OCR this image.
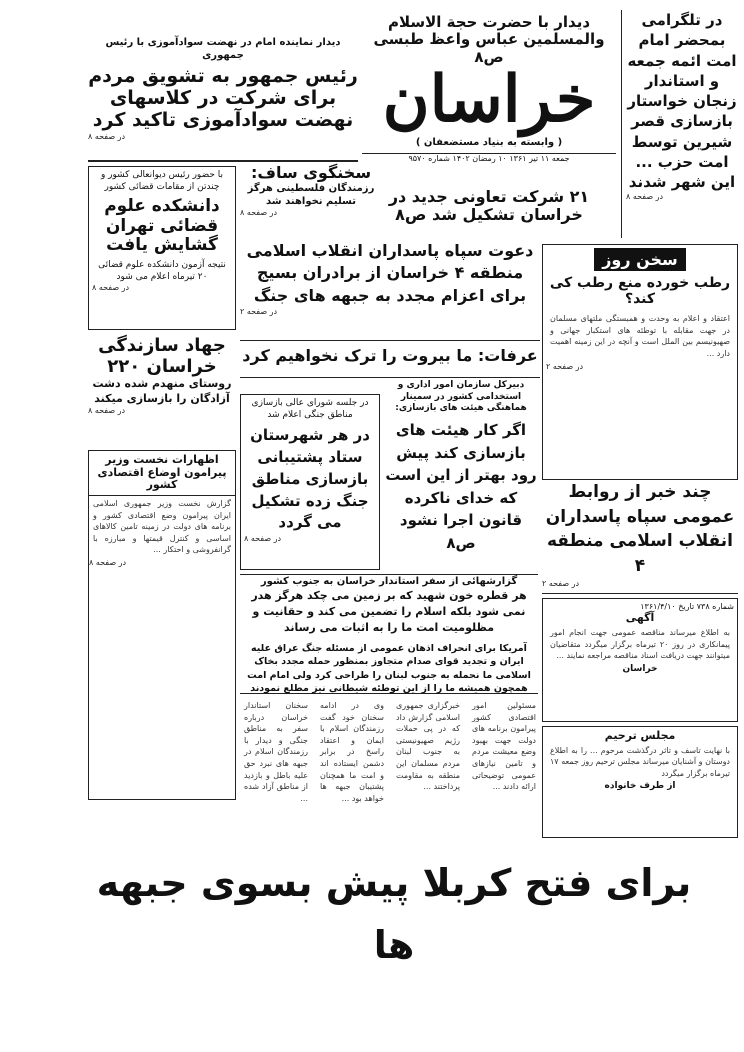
در تلگرامی بمحضر امام امت ائمه جمعه و استاندار زنجان خواستار بازسازی قصر شیرین توسط امت حزب ... این شهر شدند
در صفحه ۸
دیدار با حضرت حجة الاسلام والمسلمین عباس واعظ طبسی ص۸
خراسان
( وابسته به بنیاد مستضعفان )
جمعه ۱۱ تیر ۱۳۶۱ ۱۰ رمضان ۱۴۰۲ شماره ۹۵۷۰
۲۱ شرکت تعاونی جدید در خراسان تشکیل شد ص۸
دیدار نماینده امام در نهضت سوادآموزی با رئیس جمهوری
رئیس جمهور به تشویق مردم برای شرکت در کلاسهای نهضت سوادآموزی تاکید کرد
در صفحه ۸
سخنگوی ساف:
رزمندگان فلسطینی هرگز تسلیم نخواهند شد
در صفحه ۸
با حضور رئیس دیوانعالی کشور و چندتن از مقامات قضائی کشور
دانشکده علوم قضائی تهران گشایش یافت
نتیجه آزمون دانشکده علوم قضائی ۲۰ تیرماه اعلام می شود
در صفحه ۸
دعوت سپاه پاسداران انقلاب اسلامی منطقه ۴ خراسان از برادران بسیج برای اعزام مجدد به جبهه های جنگ
در صفحه ۲
سخن روز
رطب خورده منع رطب کی کند؟
اعتقاد و اعلام به وحدت و همبستگی ملتهای مسلمان در جهت مقابله با توطئه های استکبار جهانی و صهیونیسم بین الملل است و آنچه در این زمینه اهمیت دارد ...
در صفحه ۲
جهاد سازندگی
خراسان ۲۲۰
روستای منهدم شده دشت آزادگان را بازسازی میکند
در صفحه ۸
عرفات: ما بیروت را ترک نخواهیم کرد
در جلسه شورای عالی بازسازی مناطق جنگی اعلام شد
در هر شهرستان ستاد پشتیبانی بازسازی مناطق جنگ زده تشکیل می گردد
در صفحه ۸
دبیرکل سازمان امور اداری و استخدامی کشور در سمینار هماهنگی هیئت های بازسازی:
اگر کار هیئت های بازسازی کند پیش رود بهتر از این است که خدای ناکرده قانون اجرا نشود ص۸
اظهارات نخست وزیر پیرامون اوضاع اقتصادی کشور
گزارش نخست وزیر جمهوری اسلامی ایران پیرامون وضع اقتصادی کشور و برنامه های دولت در زمینه تامین کالاهای اساسی و کنترل قیمتها و مبارزه با گرانفروشی و احتکار ...
در صفحه ۸
چند خبر از روابط عمومی سپاه پاسداران انقلاب اسلامی منطقه ۴
در صفحه ۲
گزارشهائی از سفر استاندار خراسان به جنوب کشور
هر قطره خون شهید که بر زمین می چکد هرگز هدر نمی شود بلکه اسلام را تضمین می کند و حقانیت و مظلومیت امت ما را به اثبات می رساند
آمریکا برای انحراف اذهان عمومی از مسئله جنگ عراق علیه ایران و تجدید قوای صدام متجاوز بمنظور حمله مجدد بخاک اسلامی ما نحمله به جنوب لبنان را طراحی کرد ولی امام امت همچون همیشه ما را از این توطئه شیطانی نیز مطلع نمودند
سخنان استاندار خراسان درباره سفر به مناطق جنگی و دیدار با رزمندگان اسلام در جبهه های نبرد حق علیه باطل و بازدید از مناطق آزاد شده ...
وی در ادامه سخنان خود گفت رزمندگان اسلام با ایمان و اعتقاد راسخ در برابر دشمن ایستاده اند و امت ما همچنان پشتیبان جبهه ها خواهد بود ...
خبرگزاری جمهوری اسلامی گزارش داد که در پی حملات رژیم صهیونیستی به جنوب لبنان مردم مسلمان این منطقه به مقاومت پرداختند ...
مسئولین امور اقتصادی کشور پیرامون برنامه های دولت جهت بهبود وضع معیشت مردم و تامین نیازهای عمومی توضیحاتی ارائه دادند ...
شماره ۷۳۸ تاریخ ۱۳۶۱/۴/۱۰
آگهی
به اطلاع میرساند مناقصه عمومی جهت انجام امور پیمانکاری در روز ۲۰ تیرماه برگزار میگردد متقاضیان میتوانند جهت دریافت اسناد مناقصه مراجعه نمایند ...
خراسان
مجلس ترحیم
با نهایت تاسف و تاثر درگذشت مرحوم ... را به اطلاع دوستان و آشنایان میرساند مجلس ترحیم روز جمعه ۱۷ تیرماه برگزار میگردد
از طرف خانواده
برای فتح کربلا پیش بسوی جبهه ها
